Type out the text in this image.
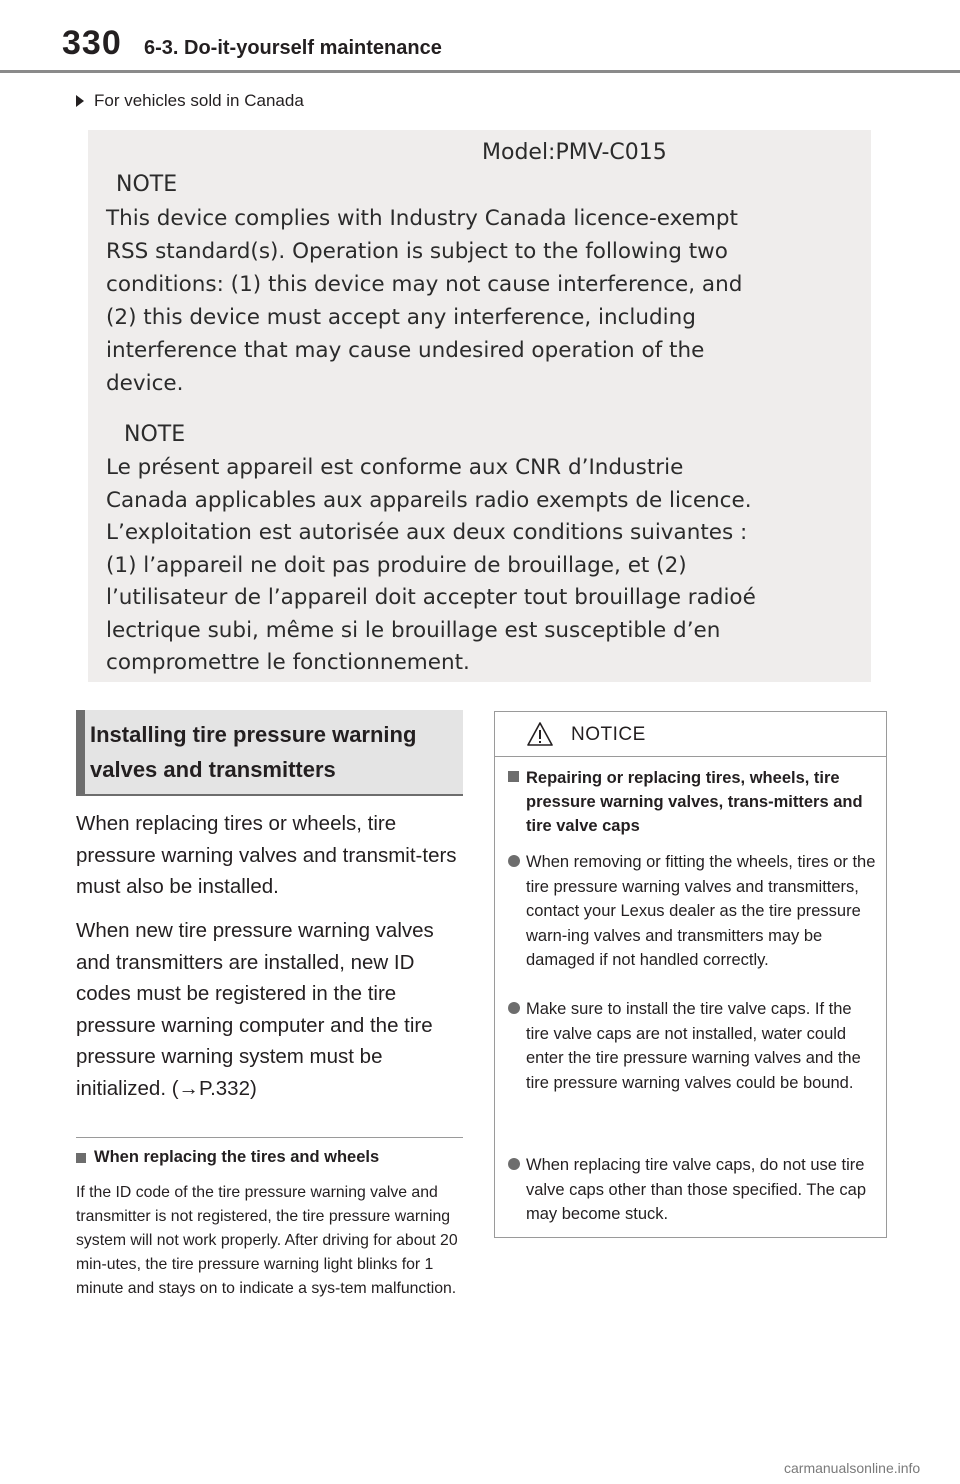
330 6-3. Do-it-yourself maintenance
For vehicles sold in Canada
Model:PMV-C015
NOTE
This device complies with Industry Canada licence-exempt
RSS standard(s). Operation is subject to the following two
conditions: (1) this device may not cause interference, and
(2) this device must accept any interference, including
interference that may cause undesired operation of the
device.
NOTE
Le présent appareil est conforme aux CNR d’Industrie
Canada applicables aux appareils radio exempts de licence.
L’exploitation est autorisée aux deux conditions suivantes :
(1) l’appareil ne doit pas produire de brouillage, et (2)
l’utilisateur de l’appareil doit accepter tout brouillage radioé
lectrique subi, même si le brouillage est susceptible d’en
compromettre le fonctionnement.
Installing tire pressure warning valves and transmitters
When replacing tires or wheels, tire pressure warning valves and transmit-ters must also be installed.
When new tire pressure warning valves and transmitters are installed, new ID codes must be registered in the tire pressure warning computer and the tire pressure warning system must be initialized. (→P.332)
When replacing the tires and wheels
If the ID code of the tire pressure warning valve and transmitter is not registered, the tire pressure warning system will not work properly. After driving for about 20 min-utes, the tire pressure warning light blinks for 1 minute and stays on to indicate a sys-tem malfunction.
NOTICE
Repairing or replacing tires, wheels, tire pressure warning valves, trans-mitters and tire valve caps
When removing or fitting the wheels, tires or the tire pressure warning valves and transmitters, contact your Lexus dealer as the tire pressure warn-ing valves and transmitters may be damaged if not handled correctly.
Make sure to install the tire valve caps. If the tire valve caps are not installed, water could enter the tire pressure warning valves and the tire pressure warning valves could be bound.
When replacing tire valve caps, do not use tire valve caps other than those specified. The cap may become stuck.
carmanualsonline.info
